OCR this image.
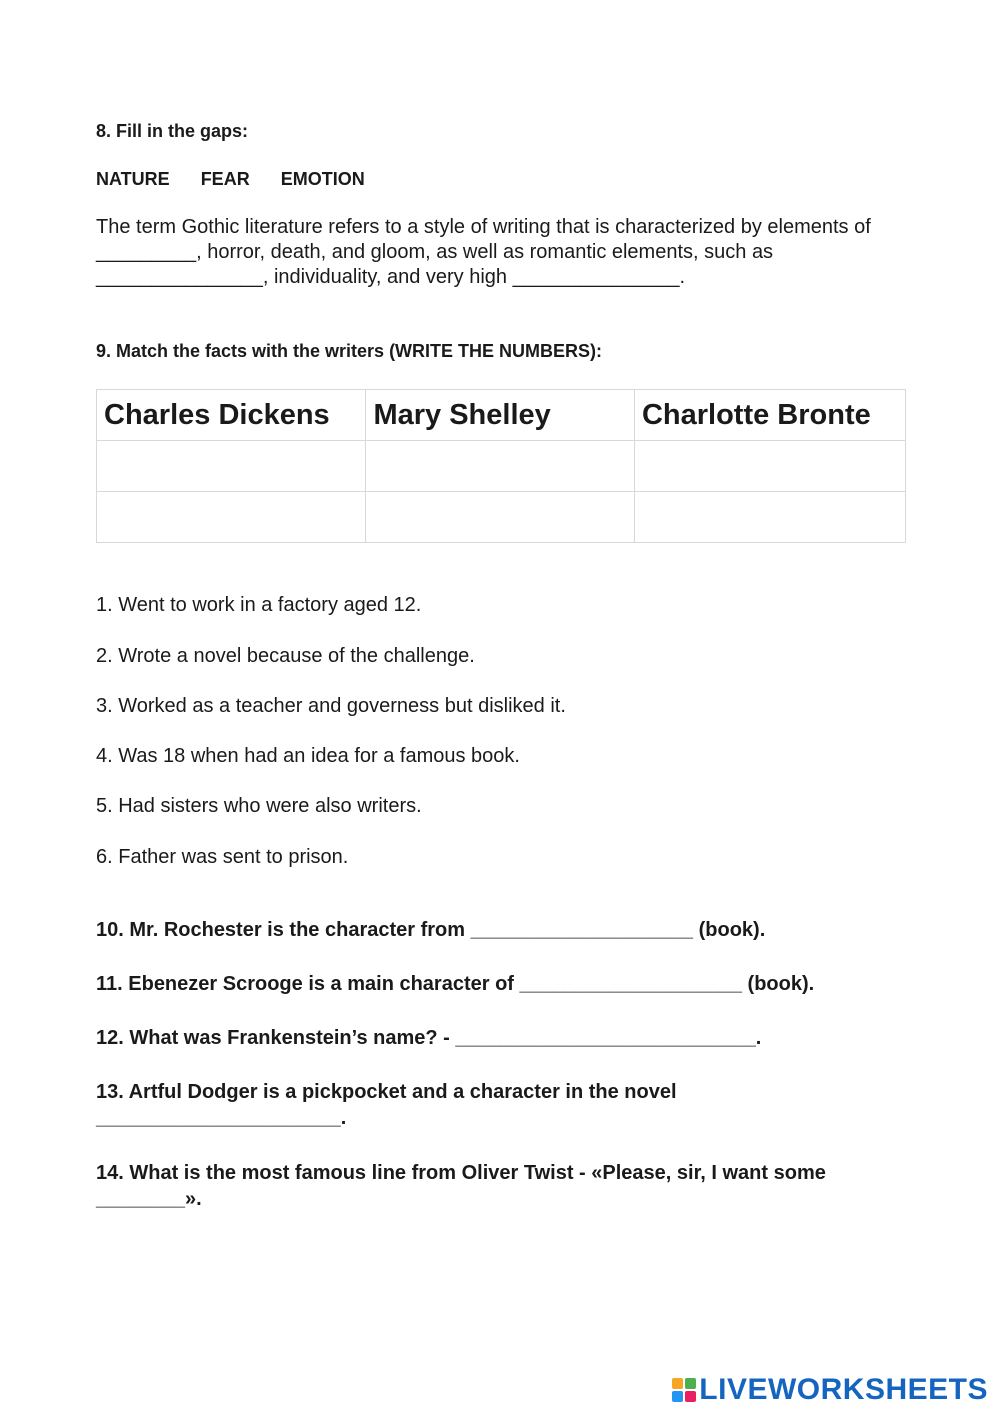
8. Fill in the gaps:
NATURE FEAR EMOTION
The term Gothic literature refers to a style of writing that is characterized by elements of _________, horror, death, and gloom, as well as romantic elements, such as _______________, individuality, and very high _______________.
9. Match the facts with the writers (WRITE THE NUMBERS):
Charles Dickens	Mary Shelley	Charlotte Bronte

1. Went to work in a factory aged 12.
2. Wrote a novel because of the challenge.
3. Worked as a teacher and governess but disliked it.
4. Was 18 when had an idea for a famous book.
5. Had sisters who were also writers.
6. Father was sent to prison.
10. Mr. Rochester is the character from ____________________ (book).
11. Ebenezer Scrooge is a main character of ____________________ (book).
12. What was Frankenstein’s name? - ___________________________.
13. Artful Dodger is a pickpocket and a character in the novel
______________________.
14. What is the most famous line from Oliver Twist - «Please, sir, I want some
________».
LIVEWORKSHEETS
